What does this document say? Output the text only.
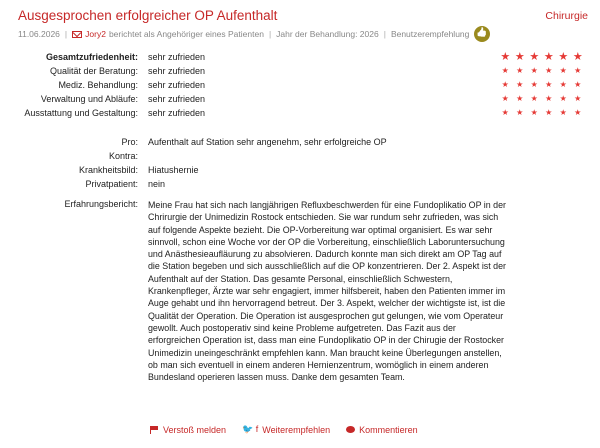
Ausgesprochen erfolgreicher OP Aufenthalt	Chirurgie
11.06.2026 | Jory2 berichtet als Angehöriger eines Patienten | Jahr der Behandlung: 2026 | Benutzerempfehlung
👍
Gesamtzufriedenheit: sehr zufrieden	★ ★ ★ ★ ★ ★
Qualität der Beratung: sehr zufrieden	★ ★ ★ ★ ★ ★
Mediz. Behandlung: sehr zufrieden	★ ★ ★ ★ ★ ★
Verwaltung und Abläufe: sehr zufrieden	★ ★ ★ ★ ★ ★
Ausstattung und Gestaltung: sehr zufrieden	★ ★ ★ ★ ★ ★
Pro: Aufenthalt auf Station sehr angenehm, sehr erfolgreiche OP
Kontra:
Krankheitsbild: Hiatushernie
Privatpatient: nein
Erfahrungsbericht: Meine Frau hat sich nach langjährigen Refluxbeschwerden für eine Fundoplikatio OP in der Chrirurgie der Unimedizin Rostock entschieden. Sie war rundum sehr zufrieden, was sich auf folgende Aspekte bezieht. Die OP-Vorbereitung war optimal organisiert. Es war sehr sinnvoll, schon eine Woche vor der OP die Vorbereitung, einschließlich Laboruntersuchung und Anästhesieaufläurung zu absolvieren. Dadurch konnte man sich direkt am OP Tag auf die Station begeben und sich ausschließlich auf die OP konzentrieren. Der 2. Aspekt ist der Aufenthalt auf der Station. Das gesamte Personal, einschließlich Schwestern, Krankenpfleger, Ärzte war sehr engagiert, immer hilfsbereit, haben den Patienten immer im Auge gehabt und ihn hervorragend betreut. Der 3. Aspekt, welcher der wichtigste ist, ist die Qualität der Operation. Die Operation ist ausgesprochen gut gelungen, wie vom Operateur gewollt. Auch postoperativ sind keine Probleme aufgetreten. Das Fazit aus der erforgreichen Operation ist, dass man eine Fundoplikatio OP in der Chirugie der Rostocker Unimedizin uneingeschränkt empfehlen kann. Man braucht keine Überlegungen anstellen, ob man sich eventuell in einem anderen Hernienzentrum, womöglich in einem anderen Bundesland operieren lassen muss. Danke dem gesamten Team.
Verstoß melden 🐦 f Weiterempfehlen	Kommentieren
